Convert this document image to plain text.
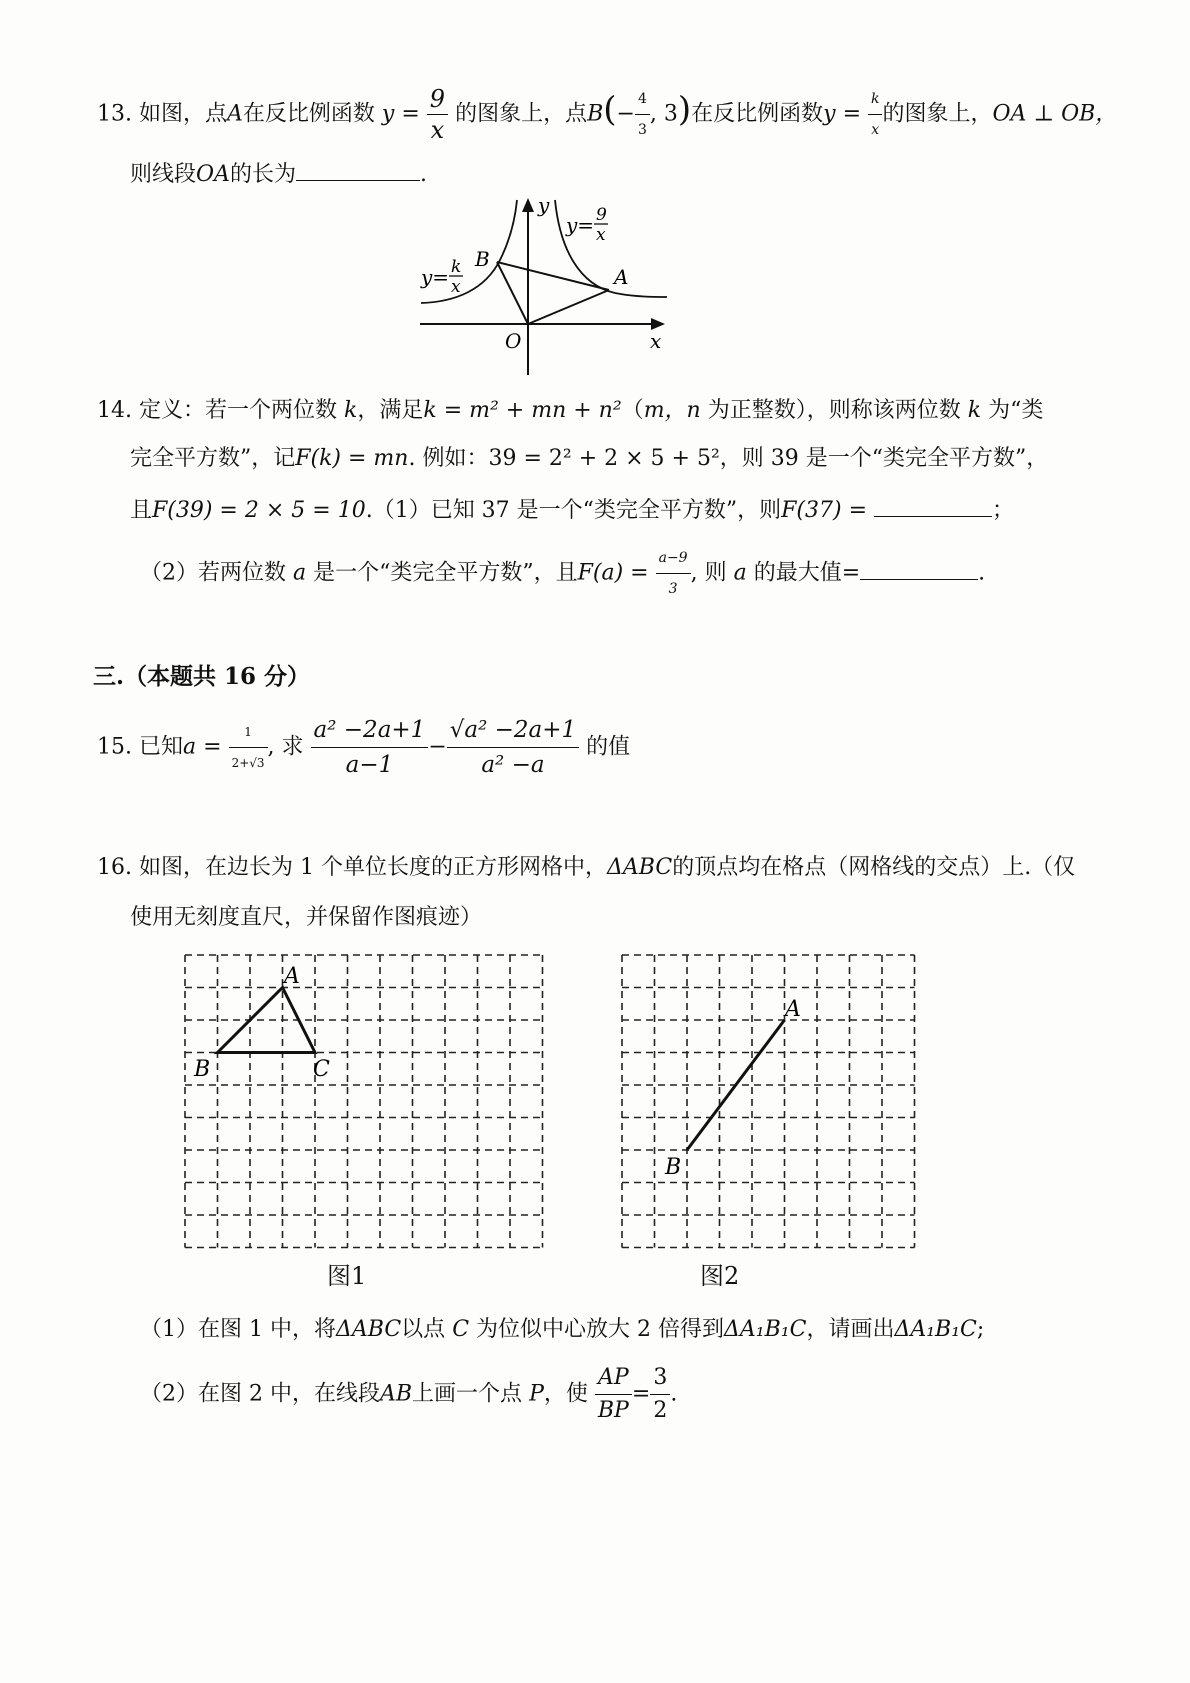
13. 如图，点A在反比例函数 $y = \frac{9}{x}$ 的图象上，点$B(- \frac{4}{3}$ , 3)在反比例函数$y = \frac{k}{x}$ 的图象上，OA ⊥ OB，
则线段OA的长为	.
y
x
O
A
B
y= 9
x
y= k
x
14. 定义：若一个两位数 k，满足k = m² + mn + n²（m，n 为正整数），则称该两位数 k 为“类
完全平方数”，记F(k) = mn. 例如：39 = 2² + 2 × 5 + 5²，则 39 是一个“类完全平方数”，
且F(39) = 2 × 5 = 10.（1）已知 37 是一个“类完全平方数”，则F(37) =	；
（2）若两位数 a 是一个“类完全平方数”，且$F(a) = \frac{a-9}{3}$ , 则 a 的最大值=	.
三.（本题共 16 分）
15. 已知$a = \frac{1}{2+√3}$ , 求 $\frac{\text{a² −2a+1}}{a-1} - \frac{\text{√a² −2a+1}}{\text{a² −a}}$ 的值
16. 如图，在边长为 1 个单位长度的正方形网格中，ΔABC的顶点均在格点（网格线的交点）上.（仅
使用无刻度直尺，并保留作图痕迹）
A
B	C
图1
A
B
图2
（1）在图 1 中，将ΔABC以点 C 为位似中心放大 2 倍得到ΔA₁B₁C，请画出ΔA₁B₁C;
（2）在图 2 中，在线段AB上画一个点 P，使 $\frac{AP}{BP} = \frac{3}{2}$ .
